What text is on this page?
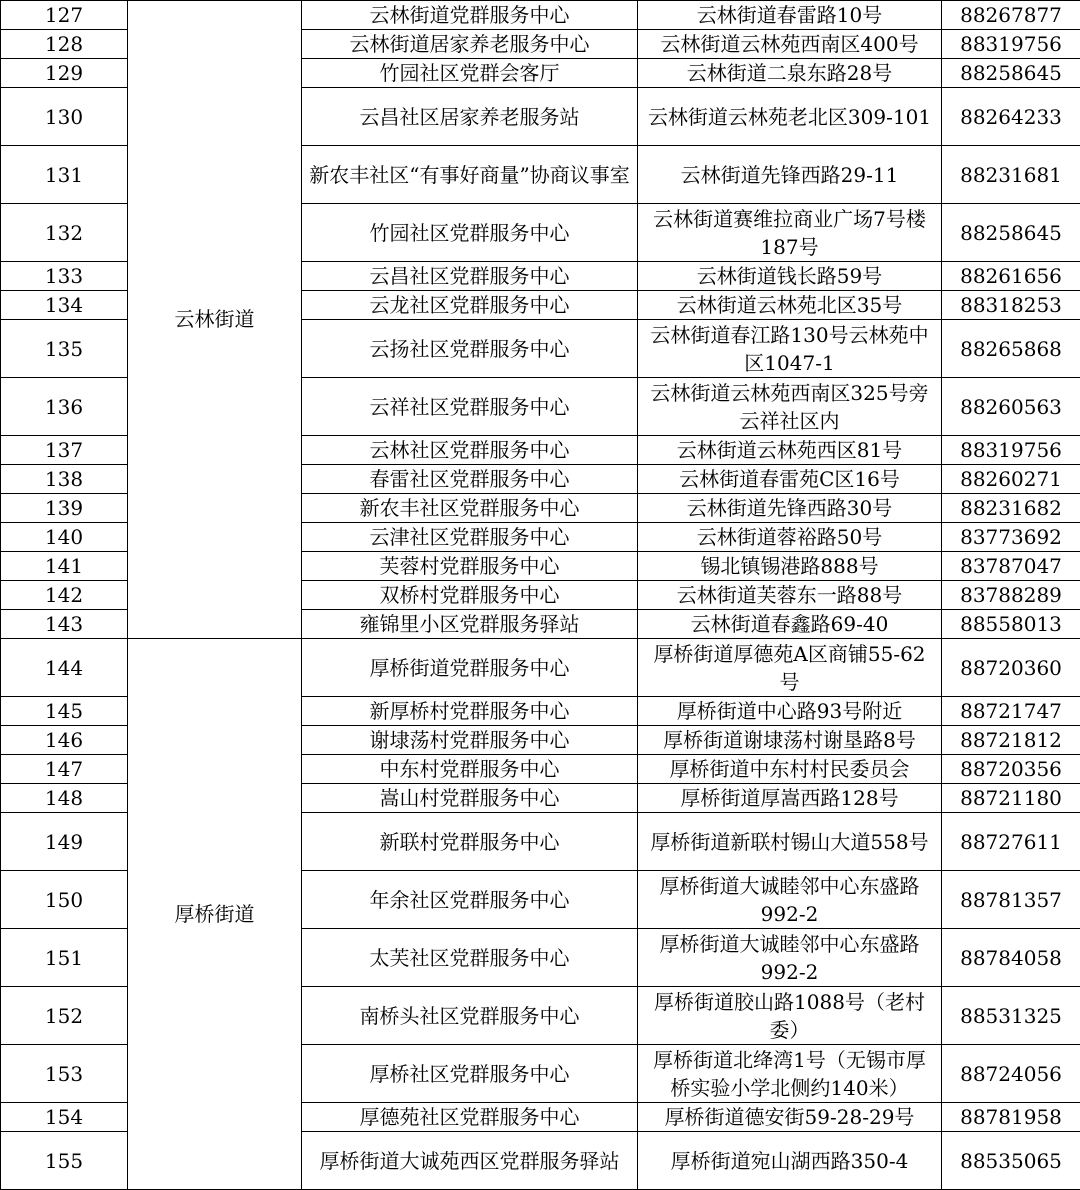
127	云林街道	云林街道党群服务中心	云林街道春雷路10号	88267877
128		云林街道居家养老服务中心	云林街道云林苑西南区400号	88319756
129		竹园社区党群会客厅	云林街道二泉东路28号	88258645
130		云昌社区居家养老服务站	云林街道云林苑老北区309-101	88264233
131		新农丰社区“有事好商量”协商议事室	云林街道先锋西路29-11	88231681
132		竹园社区党群服务中心	云林街道赛维拉商业广场7号楼187号	88258645
133		云昌社区党群服务中心	云林街道钱长路59号	88261656
134		云龙社区党群服务中心	云林街道云林苑北区35号	88318253
135		云扬社区党群服务中心	云林街道春江路130号云林苑中区1047-1	88265868
136		云祥社区党群服务中心	云林街道云林苑西南区325号旁云祥社区内	88260563
137		云林社区党群服务中心	云林街道云林苑西区81号	88319756
138		春雷社区党群服务中心	云林街道春雷苑C区16号	88260271
139		新农丰社区党群服务中心	云林街道先锋西路30号	88231682
140		云津社区党群服务中心	云林街道蓉裕路50号	83773692
141		芙蓉村党群服务中心	锡北镇锡港路888号	83787047
142		双桥村党群服务中心	云林街道芙蓉东一路88号	83788289
143		雍锦里小区党群服务驿站	云林街道春鑫路69-40	88558013
144	厚桥街道	厚桥街道党群服务中心	厚桥街道厚德苑A区商铺55-62号	88720360
145		新厚桥村党群服务中心	厚桥街道中心路93号附近	88721747
146		谢埭荡村党群服务中心	厚桥街道谢埭荡村谢垦路8号	88721812
147		中东村党群服务中心	厚桥街道中东村村民委员会	88720356
148		嵩山村党群服务中心	厚桥街道厚嵩西路128号	88721180
149		新联村党群服务中心	厚桥街道新联村锡山大道558号	88727611
150		年余社区党群服务中心	厚桥街道大诚睦邻中心东盛路992-2	88781357
151		太芙社区党群服务中心	厚桥街道大诚睦邻中心东盛路992-2	88784058
152		南桥头社区党群服务中心	厚桥街道胶山路1088号（老村委）	88531325
153		厚桥社区党群服务中心	厚桥街道北绛湾1号（无锡市厚桥实验小学北侧约140米）	88724056
154		厚德苑社区党群服务中心	厚桥街道德安街59-28-29号	88781958
155		厚桥街道大诚苑西区党群服务驿站	厚桥街道宛山湖西路350-4	88535065
